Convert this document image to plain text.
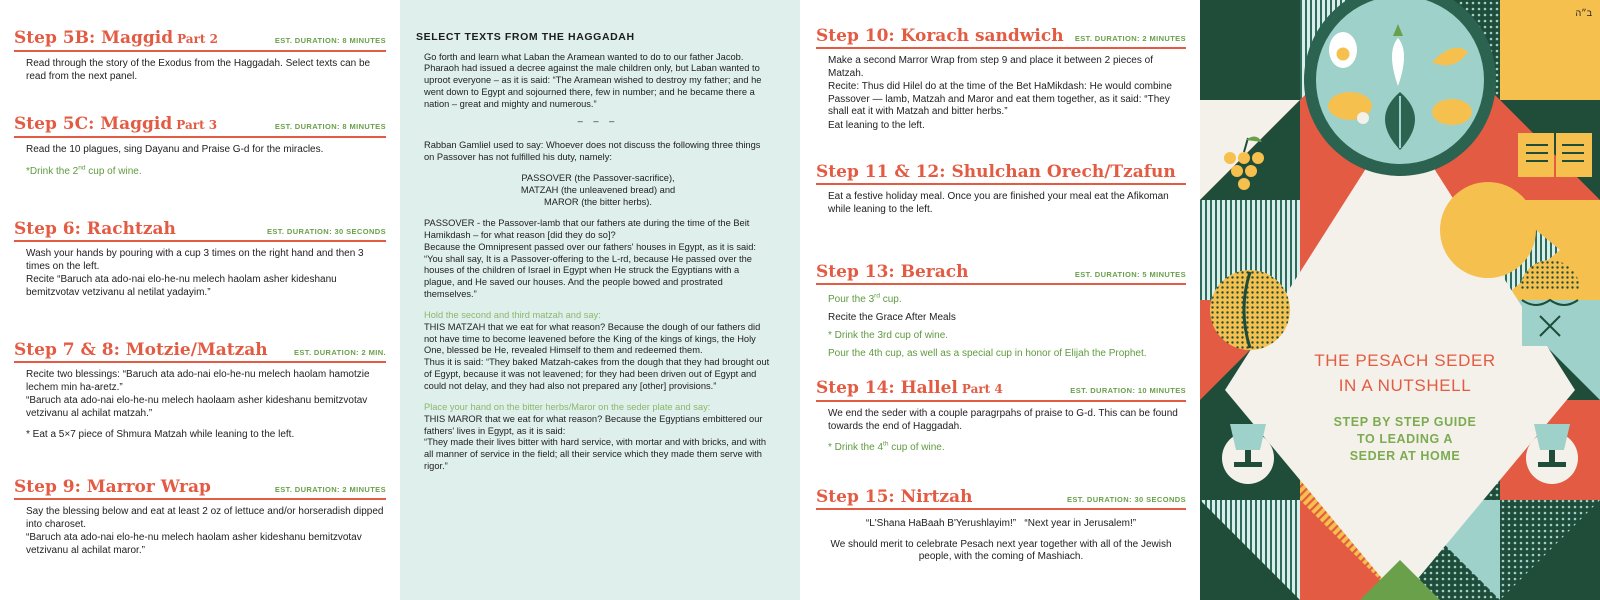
Step 5B: Maggid Part 2	EST. DURATION: 8 MINUTES

Read through the story of the Exodus from the Haggadah. Select texts can be read from the next panel.

Step 5C: Maggid Part 3	EST. DURATION: 8 MINUTES

Read the 10 plagues, sing Dayanu and Praise G-d for the miracles.

*Drink the 2nd cup of wine.

Step 6: Rachtzah	EST. DURATION: 30 SECONDS

Wash your hands by pouring with a cup 3 times on the right hand and then 3 times on the left.

Recite “Baruch ata ado-nai elo-he-nu melech haolam asher kideshanu bemitzvotav vetzivanu al netilat yadayim.”

Step 7 & 8: Motzie/Matzah	EST. DURATION: 2 MIN.

Recite two blessings: “Baruch ata ado-nai elo-he-nu melech haolam hamotzie lechem min ha-aretz.”

“Baruch ata ado-nai elo-he-nu melech haolaam asher kideshanu bemitzvotav vetzivanu al achilat matzah.”

* Eat a 5×7 piece of Shmura Matzah while leaning to the left.

Step 9: Marror Wrap	EST. DURATION: 2 MINUTES

Say the blessing below and eat at least 2 oz of lettuce and/or horseradish dipped into charoset.

“Baruch ata ado-nai elo-he-nu melech haolam asher kideshanu bemitzvotav vetzivanu al achilat maror.”

SELECT TEXTS FROM THE HAGGADAH

Go forth and learn what Laban the Aramean wanted to do to our father Jacob. Pharaoh had issued a decree against the male children only, but Laban wanted to uproot everyone – as it is said: “The Aramean wished to destroy my father; and he went down to Egypt and sojourned there, few in number; and he became there a nation – great and mighty and numerous.”

– – –

Rabban Gamliel used to say: Whoever does not discuss the following three things on Passover has not fulfilled his duty, namely:

PASSOVER (the Passover-sacrifice),

MATZAH (the unleavened bread) and

MAROR (the bitter herbs).

PASSOVER - the Passover-lamb that our fathers ate during the time of the Beit Hamikdash – for what reason [did they do so]?

Because the Omnipresent passed over our fathers' houses in Egypt, as it is said:

“You shall say, It is a Passover-offering to the L-rd, because He passed over the houses of the children of Israel in Egypt when He struck the Egyptians with a plague, and He saved our houses. And the people bowed and prostrated themselves.”

Hold the second and third matzah and say:

THIS MATZAH that we eat for what reason? Because the dough of our fathers did not have time to become leavened before the King of the kings of kings, the Holy One, blessed be He, revealed Himself to them and redeemed them.

Thus it is said: “They baked Matzah-cakes from the dough that they had brought out of Egypt, because it was not leavened; for they had been driven out of Egypt and could not delay, and they had also not prepared any [other] provisions.”

Place your hand on the bitter herbs/Maror on the seder plate and say:

THIS MAROR that we eat for what reason? Because the Egyptians embittered our fathers' lives in Egypt, as it is said:

“They made their lives bitter with hard service, with mortar and with bricks, and with all manner of service in the field; all their service which they made them serve with rigor.”

Step 10: Korach sandwich EST. DURATION: 2 MINUTES

Make a second Marror Wrap from step 9 and place it between 2 pieces of Matzah.

Recite: Thus did Hilel do at the time of the Bet HaMikdash: He would combine Passover — lamb, Matzah and Maror and eat them together, as it said: “They shall eat it with Matzah and bitter herbs.”

Eat leaning to the left.

Step 11 & 12: Shulchan Orech/Tzafun

Eat a festive holiday meal. Once you are finished your meal eat the Afikoman while leaning to the left.

Step 13: Berach	EST. DURATION: 5 MINUTES

Pour the 3rd cup.

Recite the Grace After Meals

* Drink the 3rd cup of wine.

Pour the 4th cup, as well as a special cup in honor of Elijah the Prophet.

Step 14: Hallel Part 4	EST. DURATION: 10 MINUTES

We end the seder with a couple paragrpahs of praise to G-d. This can be found towards the end of Haggadah.

* Drink the 4th cup of wine.

Step 15: Nirtzah	EST. DURATION: 30 SECONDS

“L'Shana HaBaah B'Yerushlayim!”   “Next year in Jerusalem!”

We should merit to celebrate Pesach next year together with all of the Jewish people, with the coming of Mashiach.

ב״ה
THE PESACH SEDER
IN A NUTSHELL
STEP BY STEP GUIDE
TO LEADING A
SEDER AT HOME
